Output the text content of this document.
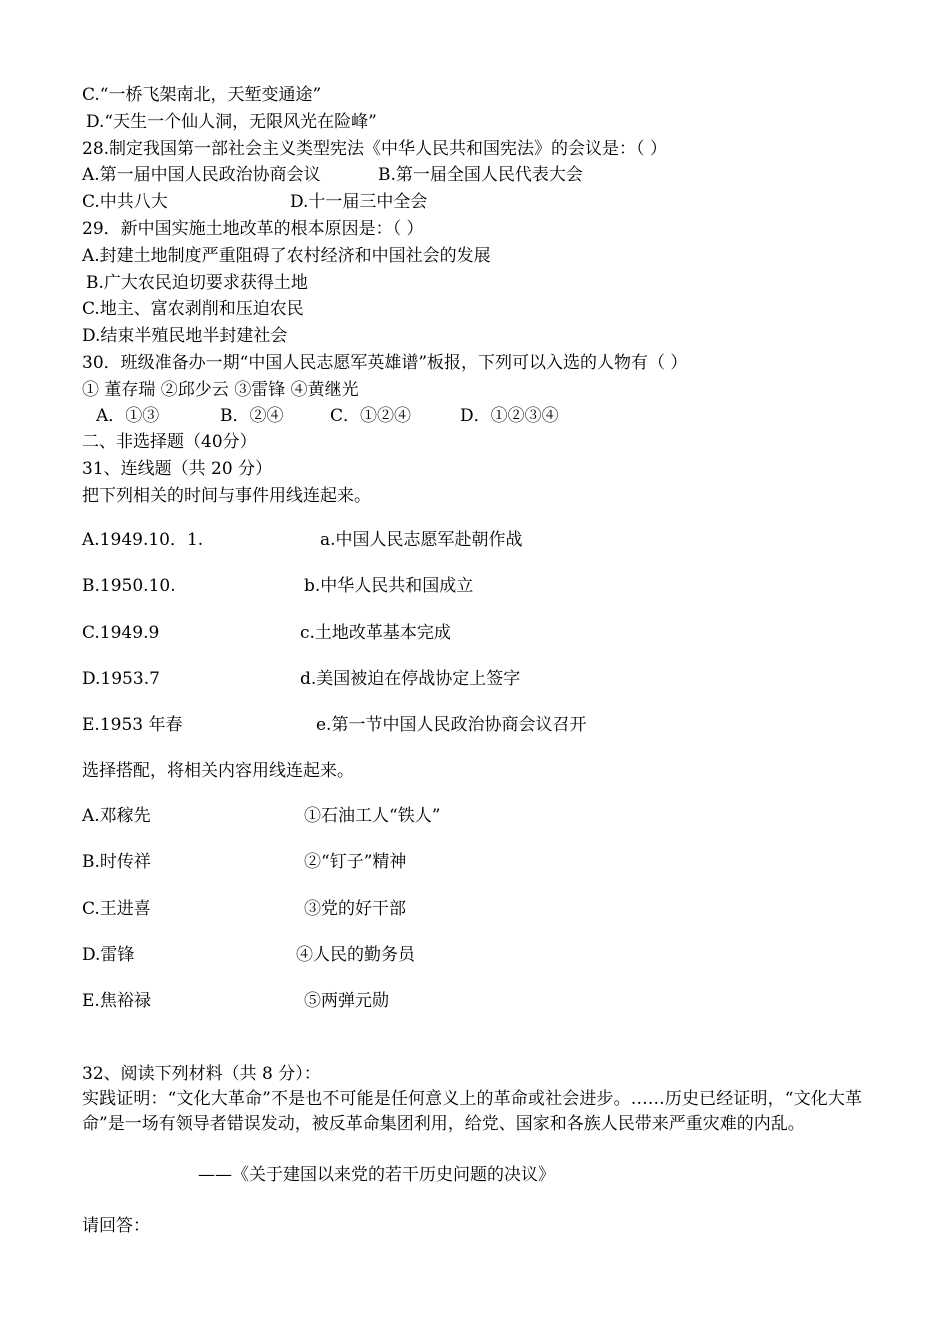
C.“一桥飞架南北，天堑变通途”
D.“天生一个仙人洞，无限风光在险峰”
28.制定我国第一部社会主义类型宪法《中华人民共和国宪法》的会议是：（ ）
A.第一届中国人民政治协商会议	B.第一届全国人民代表大会
C.中共八大	D.十一届三中全会
29．新中国实施土地改革的根本原因是：（ ）
A.封建土地制度严重阻碍了农村经济和中国社会的发展
B.广大农民迫切要求获得土地
C.地主、富农剥削和压迫农民
D.结束半殖民地半封建社会
30．班级准备办一期“中国人民志愿军英雄谱”板报，下列可以入选的人物有（ ）
① 董存瑞 ②邱少云 ③雷锋 ④黄继光
A．①③	B．②④	C．①②④	D．①②③④
二、非选择题（40分）
31、连线题（共 20 分）
把下列相关的时间与事件用线连起来。
A.1949.10．1.	a.中国人民志愿军赴朝作战
B.1950.10.	b.中华人民共和国成立
C.1949.9	c.土地改革基本完成
D.1953.7	d.美国被迫在停战协定上签字
E.1953 年春	e.第一节中国人民政治协商会议召开
选择搭配，将相关内容用线连起来。
A.邓稼先	①石油工人“铁人”
B.时传祥	②“钉子”精神
C.王进喜	③党的好干部
D.雷锋	④人民的勤务员
E.焦裕禄	⑤两弹元勋
32、阅读下列材料（共 8 分）：
实践证明：“文化大革命”不是也不可能是任何意义上的革命或社会进步。……历史已经证明，“文化大革命”是一场有领导者错误发动，被反革命集团利用，给党、国家和各族人民带来严重灾难的内乱。
——《关于建国以来党的若干历史问题的决议》
请回答：
